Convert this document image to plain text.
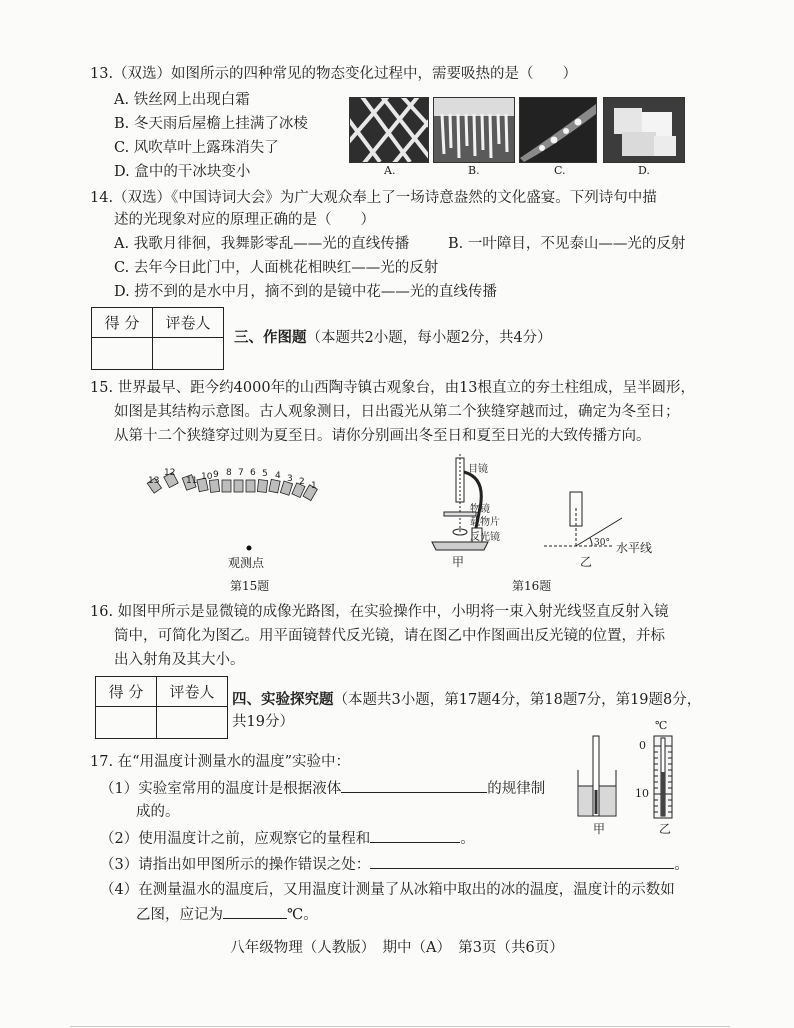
13.（双选）如图所示的四种常见的物态变化过程中，需要吸热的是（　　）
A. 铁丝网上出现白霜
B. 冬天雨后屋檐上挂满了冰棱
C. 风吹草叶上露珠消失了
D. 盒中的干冰块变小	A.	B.	C.	D.
14.（双选）《中国诗词大会》为广大观众奉上了一场诗意盎然的文化盛宴。下列诗句中描
述的光现象对应的原理正确的是（　　）
A. 我歌月徘徊，我舞影零乱——光的直线传播	B. 一叶障目，不见泰山——光的反射
C. 去年今日此门中，人面桃花相映红——光的反射
D. 捞不到的是水中月，摘不到的是镜中花——光的直线传播
得 分	评卷人

三、作图题（本题共2小题，每小题2分，共4分）
15. 世界最早、距今约4000年的山西陶寺镇古观象台，由13根直立的夯土柱组成，呈半圆形，
如图是其结构示意图。古人观象测日，日出霞光从第二个狭缝穿越而过，确定为冬至日；
从第十二个狭缝穿过则为夏至日。请你分别画出冬至日和夏至日光的大致传播方向。
13
12
11 10 9 8 7 6 5 4 3 2 1
观测点
第15题
目镜
物镜
载物片
反光镜
甲
30° 水平线
乙
第16题
16. 如图甲所示是显微镜的成像光路图，在实验操作中，小明将一束入射光线竖直反射入镜
筒中，可简化为图乙。用平面镜替代反光镜，请在图乙中作图画出反光镜的位置，并标
出入射角及其大小。
得 分	评卷人
	四、实验探究题（本题共3小题，第17题4分，第18题7分，第19题8分，
共19分）
17. 在“用温度计测量水的温度”实验中：
（1）实验室常用的温度计是根据液体	的规律制
成的。
（2）使用温度计之前，应观察它的量程和	。
（3）请指出如甲图所示的操作错误之处：	。
（4）在测量温水的温度后，又用温度计测量了从冰箱中取出的冰的温度，温度计的示数如
乙图，应记为	℃。
甲
℃
0
10
乙
八年级物理（人教版）　期中（A）　第3页（共6页）
